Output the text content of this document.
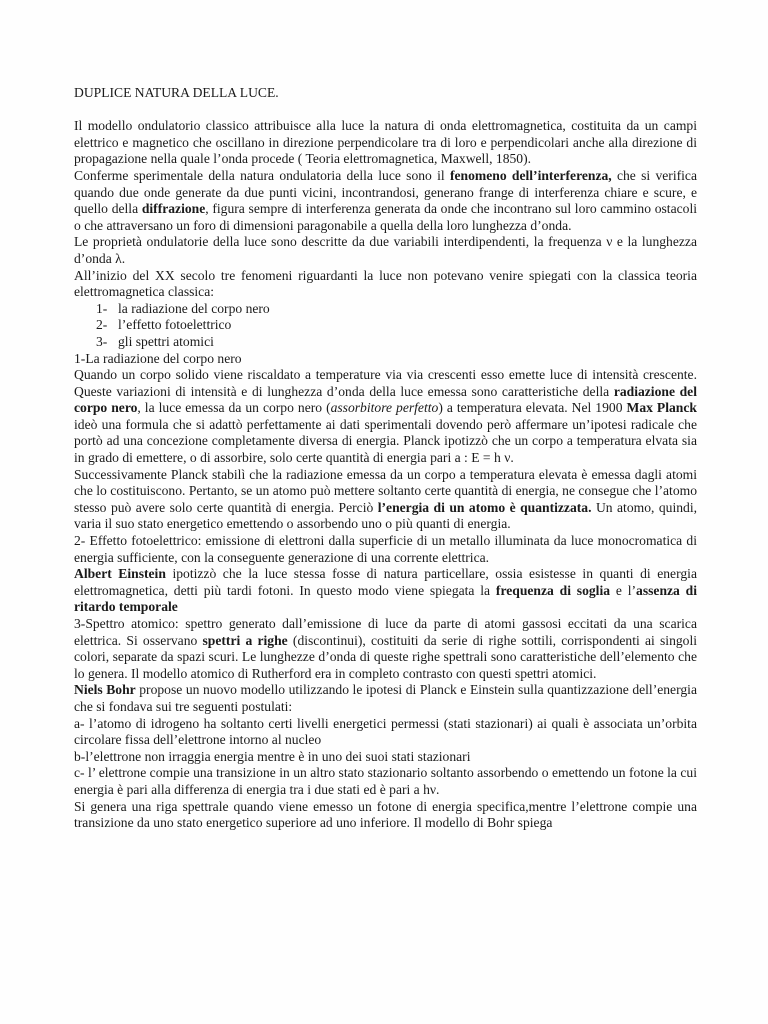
DUPLICE NATURA DELLA LUCE.

Il modello ondulatorio classico attribuisce alla luce la natura di onda elettromagnetica, costituita da un campi elettrico e magnetico che oscillano in direzione perpendicolare tra di loro e perpendicolari anche alla direzione di propagazione nella quale l’onda procede ( Teoria elettromagnetica, Maxwell, 1850).

Conferme sperimentale della natura ondulatoria della luce sono il fenomeno dell’interferenza, che si verifica quando due onde generate da due punti vicini, incontrandosi, generano frange di interferenza chiare e scure, e quello della diffrazione, figura sempre di interferenza generata da onde che incontrano sul loro cammino ostacoli o che attraversano un foro di dimensioni paragonabile a quella della loro lunghezza d’onda.

Le proprietà ondulatorie della luce sono descritte da due variabili interdipendenti, la frequenza ν e la lunghezza d’onda λ.

All’inizio del XX secolo tre fenomeni riguardanti la luce non potevano venire spiegati con la classica teoria elettromagnetica classica:

1- la radiazione del corpo nero
2- l’effetto fotoelettrico
3- gli spettri atomici

1-La radiazione del corpo nero

Quando un corpo solido viene riscaldato a temperature via via crescenti esso emette luce di intensità crescente. Queste variazioni di intensità e di lunghezza d’onda della luce emessa sono caratteristiche della radiazione del corpo nero, la luce emessa da un corpo nero (assorbitore perfetto) a temperatura elevata. Nel 1900 Max Planck ideò una formula che si adattò perfettamente ai dati sperimentali dovendo però affermare un’ipotesi radicale che portò ad una concezione completamente diversa di energia. Planck ipotizzò che un corpo a temperatura elvata sia in grado di emettere, o di assorbire, solo certe quantità di energia pari a : E = h ν.

Successivamente Planck stabilì che la radiazione emessa da un corpo a temperatura elevata è emessa dagli atomi che lo costituiscono. Pertanto, se un atomo può mettere soltanto certe quantità di energia, ne consegue che l’atomo stesso può avere solo certe quantità di energia. Perciò l’energia di un atomo è quantizzata. Un atomo, quindi, varia il suo stato energetico emettendo o assorbendo uno o più quanti di energia.

2- Effetto fotoelettrico: emissione di elettroni dalla superficie di un metallo illuminata da luce monocromatica di energia sufficiente, con la conseguente generazione di una corrente elettrica.

Albert Einstein ipotizzò che la luce stessa fosse di natura particellare, ossia esistesse in quanti di energia elettromagnetica, detti più tardi fotoni. In questo modo viene spiegata la frequenza di soglia e l’assenza di ritardo temporale

3-Spettro atomico: spettro generato dall’emissione di luce da parte di atomi gassosi eccitati da una scarica elettrica. Si osservano spettri a righe (discontinui), costituiti da serie di righe sottili, corrispondenti ai singoli colori, separate da spazi scuri. Le lunghezze d’onda di queste righe spettrali sono caratteristiche dell’elemento che lo genera. Il modello atomico di Rutherford era in completo contrasto con questi spettri atomici.

Niels Bohr propose un nuovo modello utilizzando le ipotesi di Planck e Einstein sulla quantizzazione dell’energia che si fondava sui tre seguenti postulati:

a- l’atomo di idrogeno ha soltanto certi livelli energetici permessi (stati stazionari) ai quali è associata un’orbita circolare fissa dell’elettrone intorno al nucleo

b-l’elettrone non irraggia energia mentre è in uno dei suoi stati stazionari

c- l’ elettrone compie una transizione in un altro stato stazionario soltanto assorbendo o emettendo un fotone la cui energia è pari alla differenza di energia tra i due stati ed è pari a hν.

Si genera una riga spettrale quando viene emesso un fotone di energia specifica,mentre l’elettrone compie una transizione da uno stato energetico superiore ad uno inferiore. Il modello di Bohr spiega
